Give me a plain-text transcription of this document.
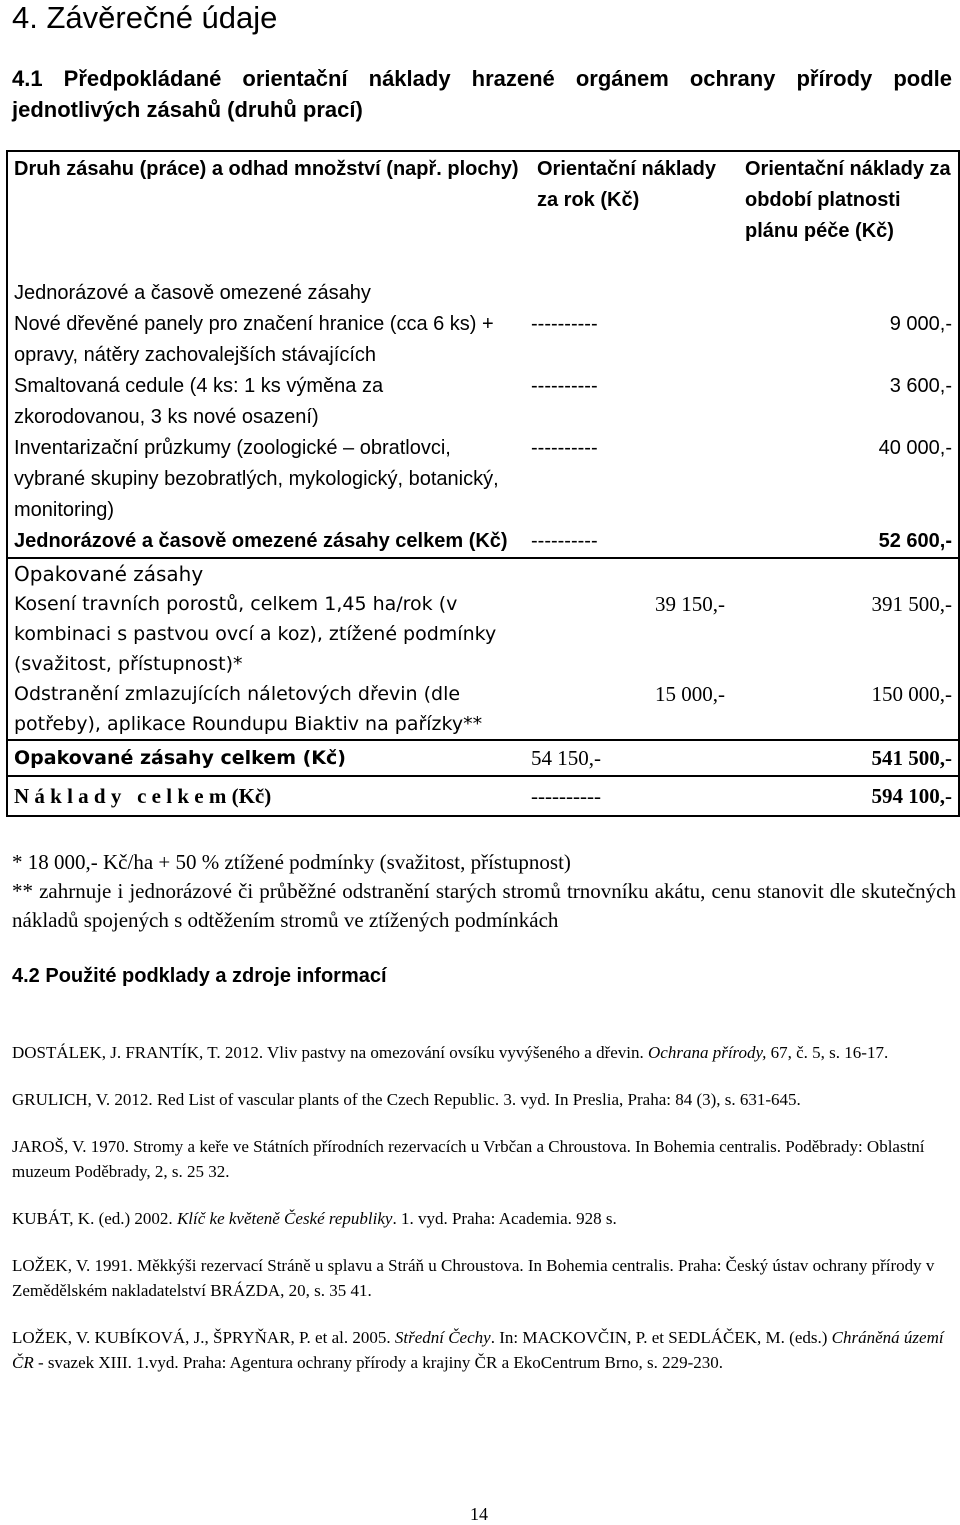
4. Závěrečné údaje
4.1 Předpokládané orientační náklady hrazené orgánem ochrany přírody podle jednotlivých zásahů (druhů prací)
Druh zásahu (práce) a odhad množství (např. plochy)	Orientační náklady za rok (Kč)	Orientační náklady za období platnosti plánu péče (Kč)
Jednorázové a časově omezené zásahy		
Nové dřevěné panely pro značení hranice (cca 6 ks) + opravy, nátěry zachovalejších stávajících	----------	9 000,-
Smaltovaná cedule (4 ks: 1 ks výměna za zkorodovanou, 3 ks nové osazení)	----------	3 600,-
Inventarizační průzkumy (zoologické – obratlovci, vybrané skupiny bezobratlých, mykologický, botanický, monitoring)	----------	40 000,-
Jednorázové a časově omezené zásahy celkem (Kč)	----------	52 600,-
Opakované zásahy		
Kosení travních porostů, celkem 1,45 ha/rok (v kombinaci s pastvou ovcí a koz), ztížené podmínky (svažitost, přístupnost)*	39 150,-	391 500,-
Odstranění zmlazujících náletových dřevin (dle potřeby), aplikace Roundupu Biaktiv na pařízky**	15 000,-	150 000,-
Opakované zásahy celkem (Kč)	54 150,-	541 500,-
N á k l a d y   c e l k e m (Kč)	----------	594 100,-

* 18 000,- Kč/ha + 50 % ztížené podmínky (svažitost, přístupnost)

** zahrnuje i jednorázové či průběžné odstranění starých stromů trnovníku akátu, cenu stanovit dle skutečných nákladů spojených s odtěžením stromů ve ztížených podmínkách

4.2 Použité podklady a zdroje informací

DOSTÁLEK, J. FRANTÍK, T. 2012. Vliv pastvy na omezování ovsíku vyvýšeného a dřevin. Ochrana přírody, 67, č. 5, s. 16-17.

GRULICH, V. 2012. Red List of vascular plants of the Czech Republic. 3. vyd. In Preslia, Praha: 84 (3), s. 631-645.

JAROŠ, V. 1970. Stromy a keře ve Státních přírodních rezervacích u Vrbčan a Chroustova. In Bohemia centralis. Poděbrady: Oblastní muzeum Poděbrady, 2, s. 25 32.

KUBÁT, K. (ed.) 2002. Klíč ke květeně České republiky. 1. vyd. Praha: Academia. 928 s.

LOŽEK, V. 1991. Měkkýši rezervací Stráně u splavu a Stráň u Chroustova. In Bohemia centralis. Praha: Český ústav ochrany přírody v Zemědělském nakladatelství BRÁZDA, 20, s. 35 41.

LOŽEK, V. KUBÍKOVÁ, J., ŠPRYŇAR, P. et al. 2005. Střední Čechy. In: MACKOVČIN, P. et SEDLÁČEK, M. (eds.) Chráněná území ČR - svazek XIII. 1.vyd. Praha: Agentura ochrany přírody a krajiny ČR a EkoCentrum Brno, s. 229-230.

14
